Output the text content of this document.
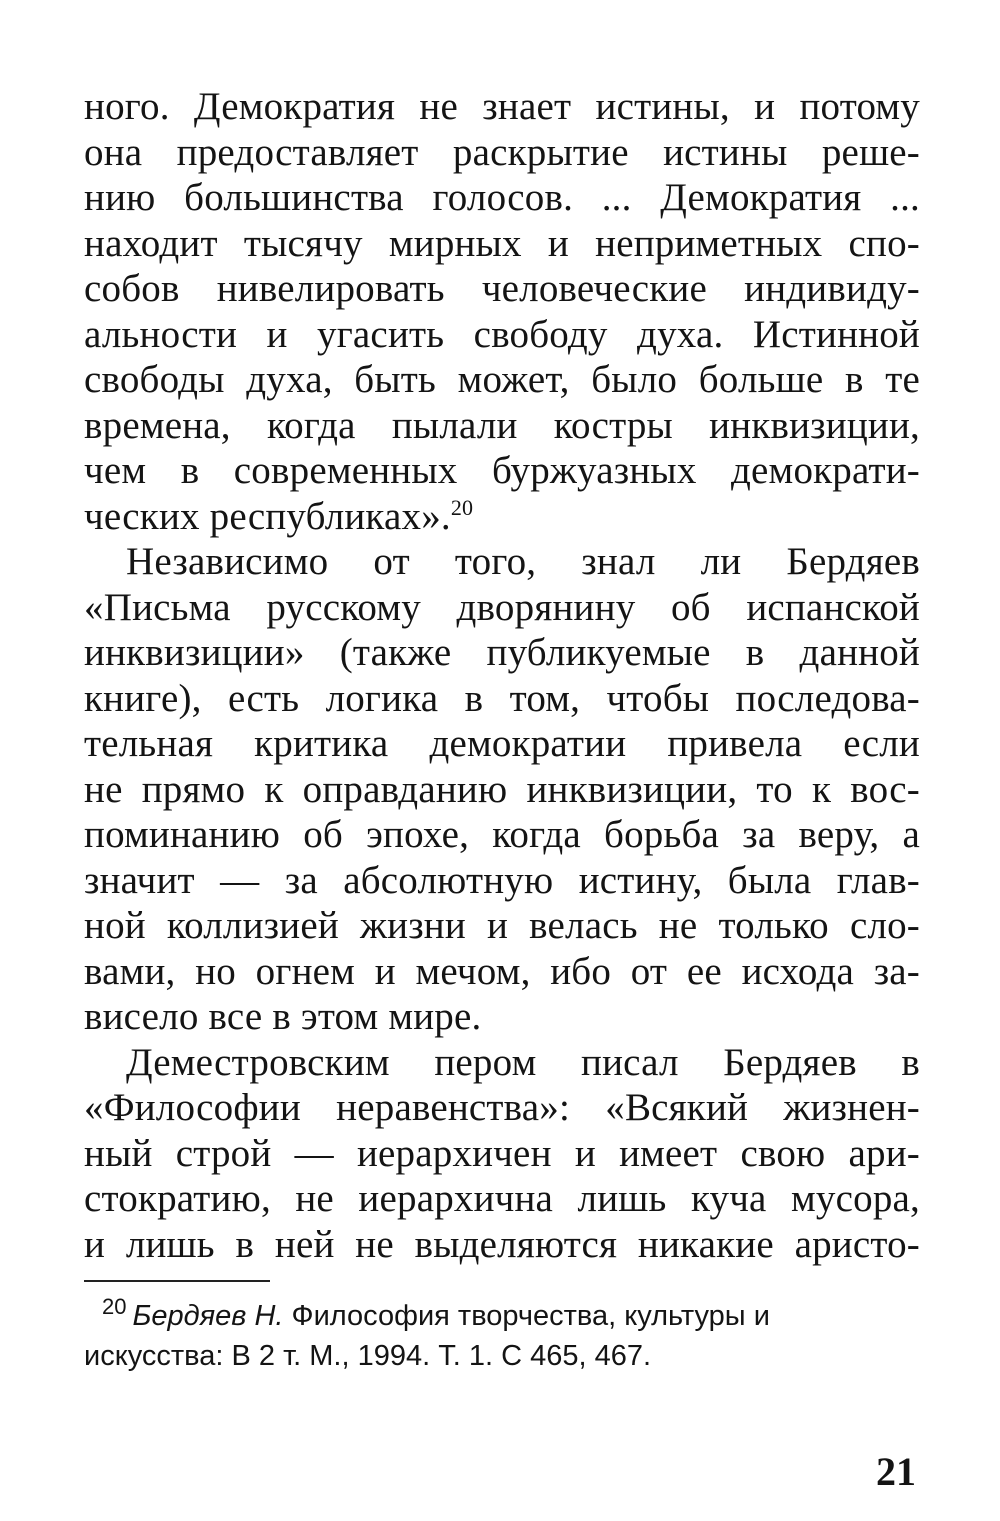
ного. Демократия не знает истины, и потому
она предоставляет раскрытие истины реше-
нию большинства голосов. ... Демократия ...
находит тысячу мирных и неприметных спо-
собов нивелировать человеческие индивиду-
альности и угасить свободу духа. Истинной
свободы духа, быть может, было больше в те
времена, когда пылали костры инквизиции,
чем в современных буржуазных демократи-
ческих республиках».$^{20}$
Независимо от того, знал ли Бердяев
«Письма русскому дворянину об испанской
инквизиции» (также публикуемые в данной
книге), есть логика в том, чтобы последова-
тельная критика демократии привела если
не прямо к оправданию инквизиции, то к вос-
поминанию об эпохе, когда борьба за веру, а
значит — за абсолютную истину, была глав-
ной коллизией жизни и велась не только сло-
вами, но огнем и мечом, ибо от ее исхода за-
висело все в этом мире.
Деместровским пером писал Бердяев в
«Философии неравенства»: «Всякий жизнен-
ный строй — иерархичен и имеет свою ари-
стократию, не иерархична лишь куча мусора,
и лишь в ней не выделяются никакие аристо-
$^{20}$ Бердяев Н. Философия творчества, культуры и
искусства: В 2 т. М., 1994. Т. 1. С 465, 467.
21
